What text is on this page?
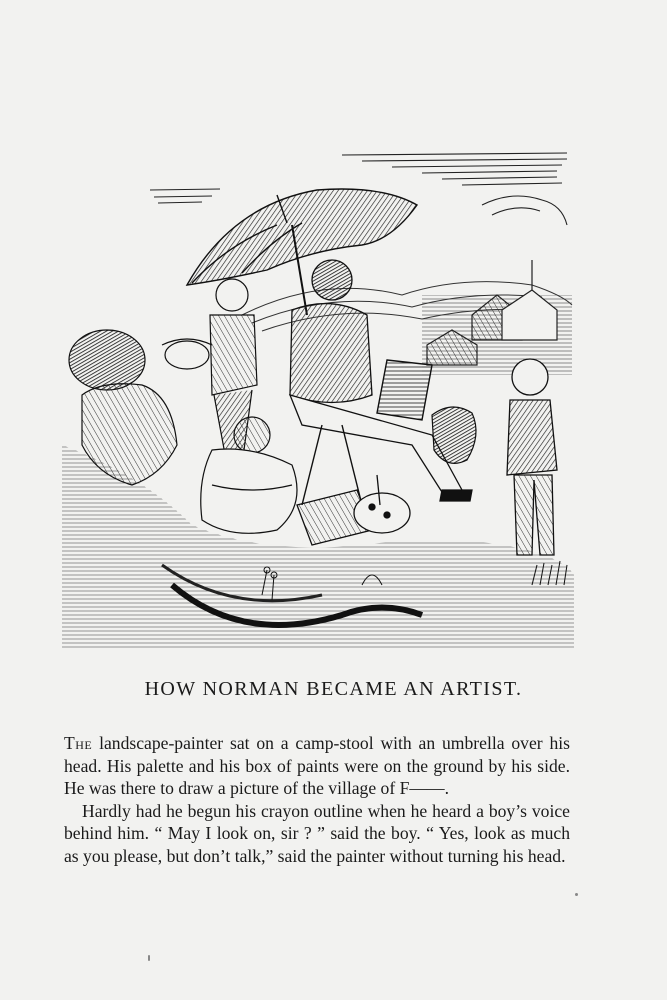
HOW NORMAN BECAME AN ARTIST.

The landscape-painter sat on a camp-stool with an umbrella over his head. His palette and his box of paints were on the ground by his side. He was there to draw a picture of the village of F——.

Hardly had he begun his crayon outline when he heard a boy’s voice behind him. “ May I look on, sir ? ” said the boy. “ Yes, look as much as you please, but don’t talk,” said the painter without turning his head.
